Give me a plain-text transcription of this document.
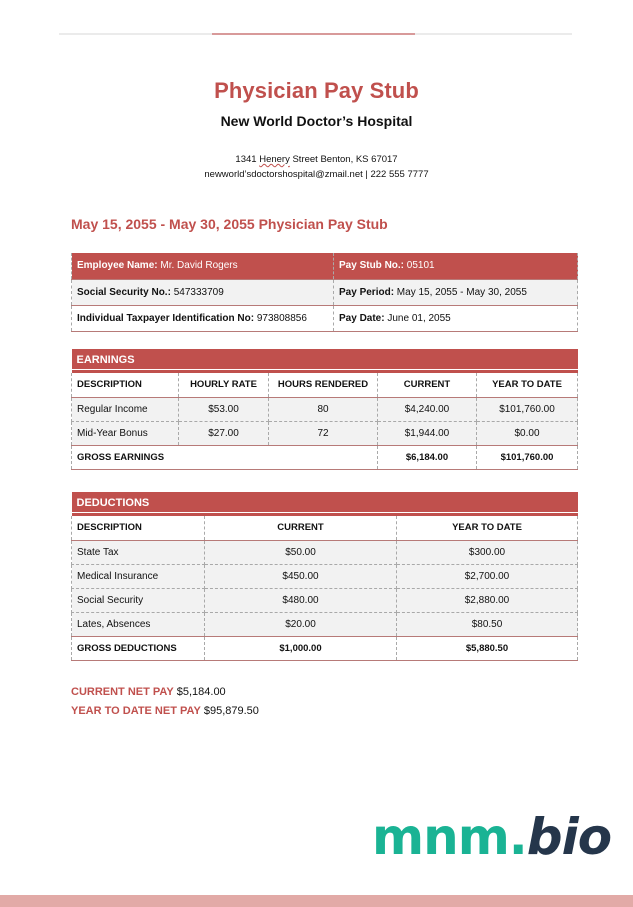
Physician Pay Stub
New World Doctor’s Hospital
1341 Henery Street Benton, KS 67017
newworld’sdoctorshospital@zmail.net | 222 555 7777
May 15, 2055 - May 30, 2055 Physician Pay Stub
Employee Name: Mr. David Rogers	Pay Stub No.: 05101
Social Security No.: 547333709	Pay Period: May 15, 2055 - May 30, 2055
Individual Taxpayer Identification No: 973808856	Pay Date: June 01, 2055
EARNINGS				

DESCRIPTION	HOURLY RATE	HOURS RENDERED	CURRENT	YEAR TO DATE
Regular Income	$53.00	80	$4,240.00	$101,760.00
Mid-Year Bonus	$27.00	72	$1,944.00	$0.00
GROSS EARNINGS			$6,184.00	$101,760.00
DEDUCTIONS		

DESCRIPTION	CURRENT	YEAR TO DATE
State Tax	$50.00	$300.00
Medical Insurance	$450.00	$2,700.00
Social Security	$480.00	$2,880.00
Lates, Absences	$20.00	$80.50
GROSS DEDUCTIONS	$1,000.00	$5,880.50
CURRENT NET PAY $5,184.00
YEAR TO DATE NET PAY $95,879.50
mnm.bio
